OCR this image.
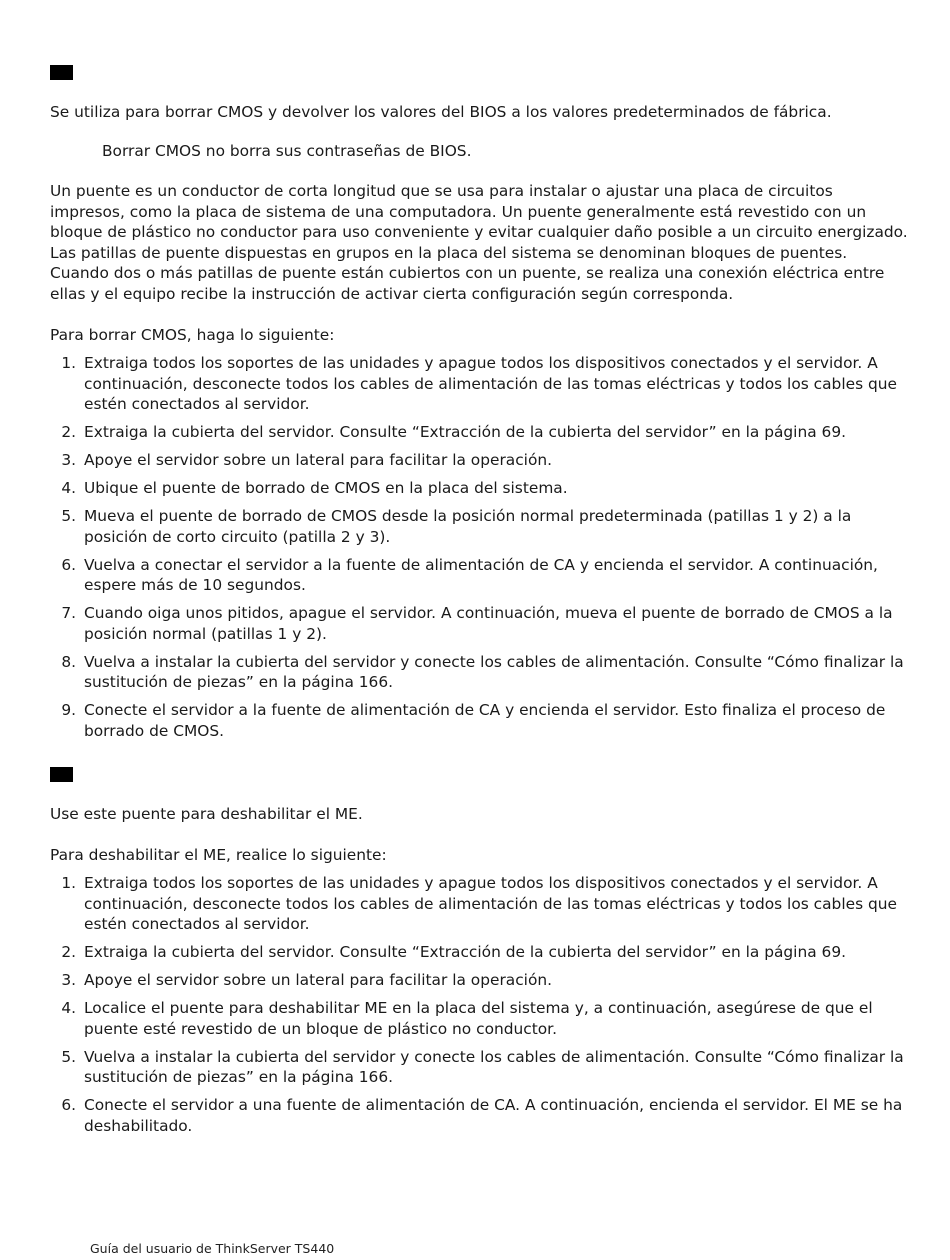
Se utiliza para borrar CMOS y devolver los valores del BIOS a los valores predeterminados de fábrica.

Borrar CMOS no borra sus contraseñas de BIOS.

Un puente es un conductor de corta longitud que se usa para instalar o ajustar una placa de circuitos impresos, como la placa de sistema de una computadora. Un puente generalmente está revestido con un bloque de plástico no conductor para uso conveniente y evitar cualquier daño posible a un circuito energizado. Las patillas de puente dispuestas en grupos en la placa del sistema se denominan bloques de puentes. Cuando dos o más patillas de puente están cubiertos con un puente, se realiza una conexión eléctrica entre ellas y el equipo recibe la instrucción de activar cierta configuración según corresponda.

Para borrar CMOS, haga lo siguiente:

1. Extraiga todos los soportes de las unidades y apague todos los dispositivos conectados y el servidor. A continuación, desconecte todos los cables de alimentación de las tomas eléctricas y todos los cables que estén conectados al servidor.
2. Extraiga la cubierta del servidor. Consulte “Extracción de la cubierta del servidor” en la página 69.
3. Apoye el servidor sobre un lateral para facilitar la operación.
4. Ubique el puente de borrado de CMOS en la placa del sistema.
5. Mueva el puente de borrado de CMOS desde la posición normal predeterminada (patillas 1 y 2) a la posición de corto circuito (patilla 2 y 3).
6. Vuelva a conectar el servidor a la fuente de alimentación de CA y encienda el servidor. A continuación, espere más de 10 segundos.
7. Cuando oiga unos pitidos, apague el servidor. A continuación, mueva el puente de borrado de CMOS a la posición normal (patillas 1 y 2).
8. Vuelva a instalar la cubierta del servidor y conecte los cables de alimentación. Consulte “Cómo finalizar la sustitución de piezas” en la página 166.
9. Conecte el servidor a la fuente de alimentación de CA y encienda el servidor. Esto finaliza el proceso de borrado de CMOS.

Use este puente para deshabilitar el ME.

Para deshabilitar el ME, realice lo siguiente:

1. Extraiga todos los soportes de las unidades y apague todos los dispositivos conectados y el servidor. A continuación, desconecte todos los cables de alimentación de las tomas eléctricas y todos los cables que estén conectados al servidor.
2. Extraiga la cubierta del servidor. Consulte “Extracción de la cubierta del servidor” en la página 69.
3. Apoye el servidor sobre un lateral para facilitar la operación.
4. Localice el puente para deshabilitar ME en la placa del sistema y, a continuación, asegúrese de que el puente esté revestido de un bloque de plástico no conductor.
5. Vuelva a instalar la cubierta del servidor y conecte los cables de alimentación. Consulte “Cómo finalizar la sustitución de piezas” en la página 166.
6. Conecte el servidor a una fuente de alimentación de CA. A continuación, encienda el servidor. El ME se ha deshabilitado.
Guía del usuario de ThinkServer TS440
